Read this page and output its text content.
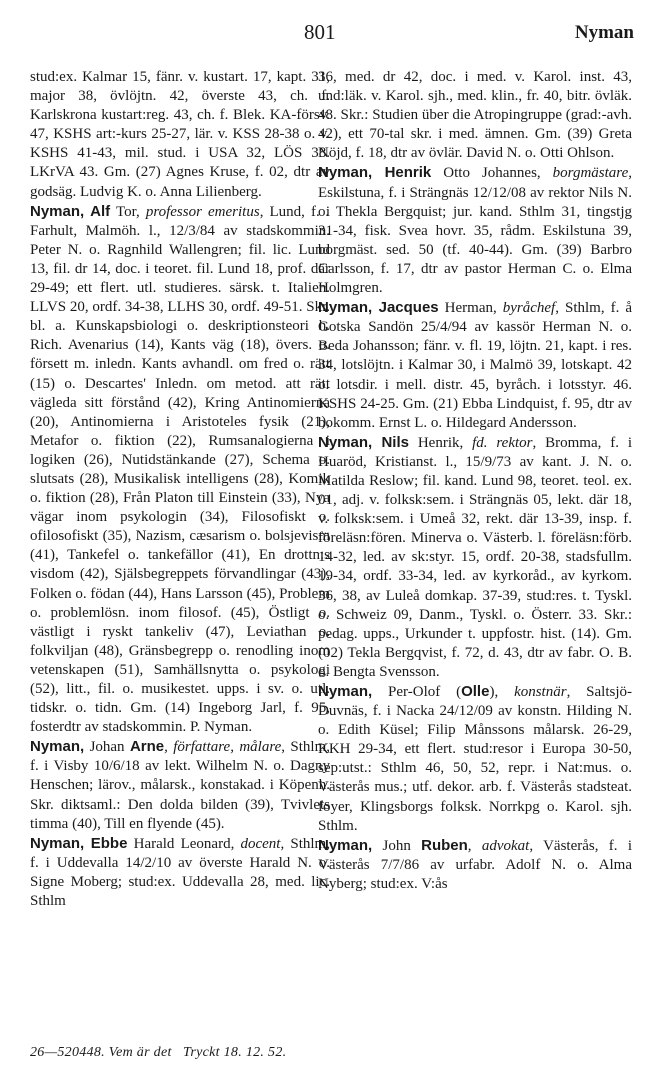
801	Nyman

stud:ex. Kalmar 15, fänr. v. kustart. 17, kapt. 31, major 38, övlöjtn. 42, överste 43, ch. f. Karlskrona kustart:reg. 43, ch. f. Blek. KA-försv. 47, KSHS art:-kurs 25-27, lär. v. KSS 28-38 o. v. KSHS 41-43, mil. stud. i USA 32, LÖS 38. LKrVA 43. Gm. (27) Agnes Kruse, f. 02, dtr av godsäg. Ludvig K. o. Anna Lilienberg.

Nyman, Alf Tor, professor emeritus, Lund, f. i Farhult, Malmöh. l., 12/3/84 av stadskommin. Peter N. o. Ragnhild Wallengren; fil. lic. Lund 13, fil. dr 14, doc. i teoret. fil. Lund 18, prof. där 29-49; ett flert. utl. studieres. särsk. t. Italien. LLVS 20, ordf. 34-38, LLHS 30, ordf. 49-51. Skr. bl. a. Kunskapsbiologi o. deskriptionsteori h. Rich. Avenarius (14), Kants väg (18), övers. o. försett m. inledn. Kants avhandl. om fred o. rätt (15) o. Descartes' Inledn. om metod. att rätt vägleda sitt förstånd (42), Kring Antinomierna (20), Antinomierna i Aristoteles fysik (21), Metafor o. fiktion (22), Rumsanalogierna i logiken (26), Nutidstänkande (27), Schema o. slutsats (28), Musikalisk intelligens (28), Komik o. fiktion (28), Från Platon till Einstein (33), Nya vägar inom psykologin (34), Filosofiskt o. ofilosofiskt (35), Nazism, cæsarism o. bolsjevism (41), Tankefel o. tankefällor (41), En drottn:s visdom (42), Själsbegreppets förvandlingar (43), Folken o. födan (44), Hans Larsson (45), Problem o. problemlösn. inom filosof. (45), Östligt o. västligt i ryskt tankeliv (47), Leviathan o. folkviljan (48), Gränsbegrepp o. renodling inom vetenskapen (51), Samhällsnytta o. psykologi (52), litt., fil. o. musikestet. upps. i sv. o. utl. tidskr. o. tidn. Gm. (14) Ingeborg Jarl, f. 95, fosterdtr av stadskommin. P. Nyman.

Nyman, Johan Arne, författare, målare, Sthlm, f. i Visby 10/6/18 av lekt. Wilhelm N. o. Dagny Henschen; lärov., målarsk., konstakad. i Köpenh. Skr. diktsaml.: Den dolda bilden (39), Tvivlets timma (40), Till en flyende (45).

Nyman, Ebbe Harald Leonard, docent, Sthlm, f. i Uddevalla 14/2/10 av överste Harald N. o. Signe Moberg; stud:ex. Uddevalla 28, med. lic. Sthlm

36, med. dr 42, doc. i med. v. Karol. inst. 43, und:läk. v. Karol. sjh., med. klin., fr. 40, bitr. övläk. 48. Skr.: Studien über die Atropingruppe (grad:-avh. 42), ett 70-tal skr. i med. ämnen. Gm. (39) Greta Nöjd, f. 18, dtr av övlär. David N. o. Otti Ohlson.

Nyman, Henrik Otto Johannes, borgmästare, Eskilstuna, f. i Strängnäs 12/12/08 av rektor Nils N. o. Thekla Bergquist; jur. kand. Sthlm 31, tingstjg 31-34, fisk. Svea hovr. 35, rådm. Eskilstuna 39, borgmäst. sed. 50 (tf. 40-44). Gm. (39) Barbro Carlsson, f. 17, dtr av pastor Herman C. o. Elma Holmgren.

Nyman, Jacques Herman, byråchef, Sthlm, f. å Gotska Sandön 25/4/94 av kassör Herman N. o. Beda Johansson; fänr. v. fl. 19, löjtn. 21, kapt. i res. 34, lotslöjtn. i Kalmar 30, i Malmö 39, lotskapt. 42 o. lotsdir. i mell. distr. 45, byråch. i lotsstyr. 46. KSHS 24-25. Gm. (21) Ebba Lindquist, f. 95, dtr av bokomm. Ernst L. o. Hildegard Andersson.

Nyman, Nils Henrik, fd. rektor, Bromma, f. i Huaröd, Kristianst. l., 15/9/73 av kant. J. N. o. Matilda Reslow; fil. kand. Lund 98, teoret. teol. ex. 01, adj. v. folksk:sem. i Strängnäs 05, lekt. där 18, v. folksk:sem. i Umeå 32, rekt. där 13-39, insp. f. föreläsn:fören. Minerva o. Västerb. l. föreläsn:förb. 14-32, led. av sk:styr. 15, ordf. 20-38, stadsfullm. 19-34, ordf. 33-34, led. av kyrkoråd., av kyrkom. 36, 38, av Luleå domkap. 37-39, stud:res. t. Tyskl. o. Schweiz 09, Danm., Tyskl. o. Österr. 33. Skr.: pedag. upps., Urkunder t. uppfostr. hist. (14). Gm. (02) Tekla Bergqvist, f. 72, d. 43, dtr av fabr. O. B. o. Bengta Svensson.

Nyman, Per-Olof (Olle), konstnär, Saltsjö-Duvnäs, f. i Nacka 24/12/09 av konstn. Hilding N. o. Edith Küsel; Filip Månssons målarsk. 26-29, KKH 29-34, ett flert. stud:resor i Europa 30-50, sep:utst.: Sthlm 46, 50, 52, repr. i Nat:mus. o. Västerås mus.; utf. dekor. arb. f. Västerås stadsteat. foyer, Klingsborgs folksk. Norrkpg o. Karol. sjh. Sthlm.

Nyman, John Ruben, advokat, Västerås, f. i Västerås 7/7/86 av urfabr. Adolf N. o. Alma Nyberg; stud:ex. V:ås

26—520448. Vem är det   Tryckt 18. 12. 52.
